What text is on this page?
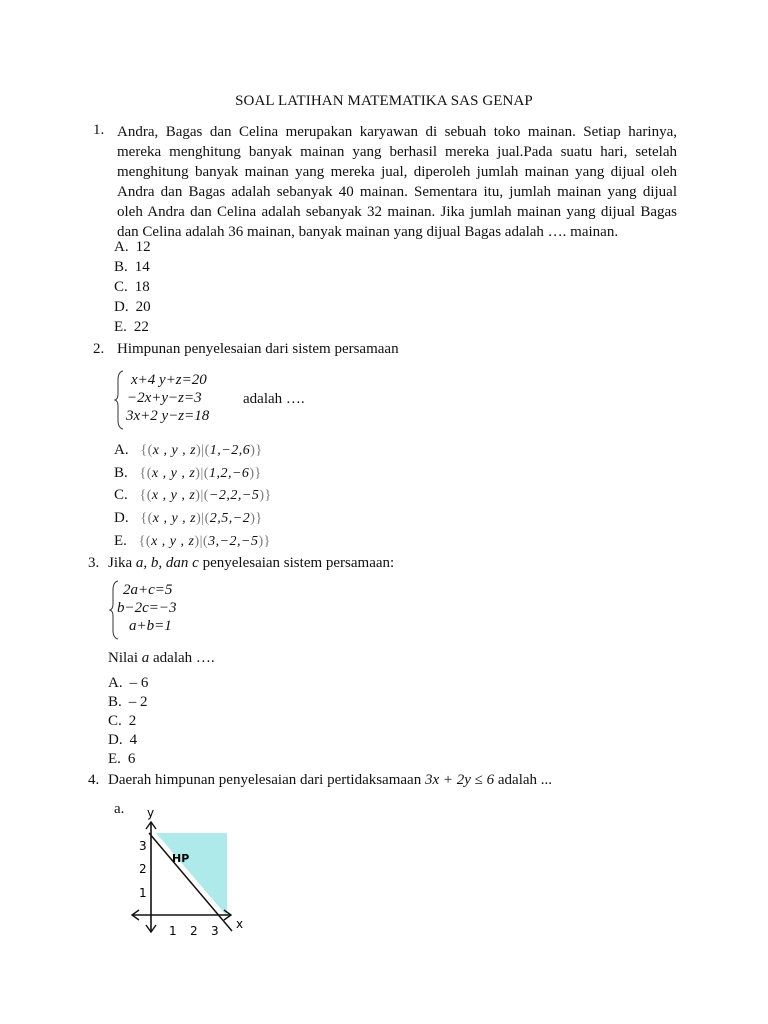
SOAL LATIHAN MATEMATIKA SAS GENAP
1. Andra, Bagas dan Celina merupakan karyawan di sebuah toko mainan. Setiap harinya, mereka menghitung banyak mainan yang berhasil mereka jual.Pada suatu hari, setelah menghitung banyak mainan yang mereka jual, diperoleh jumlah mainan yang dijual oleh Andra dan Bagas adalah sebanyak 40 mainan. Sementara itu, jumlah mainan yang dijual oleh Andra dan Celina adalah sebanyak 32 mainan. Jika jumlah mainan yang dijual Bagas dan Celina adalah 36 mainan, banyak mainan yang dijual Bagas adalah …. mainan.
A. 12
B. 14
C. 18
D. 20
E. 22
2. Himpunan penyelesaian dari sistem persamaan
x+4 y+z=20
−2x+y−z=3
3x+2 y−z=18
adalah ….
A. {(x , y , z)|(1,−2,6)}
B. {(x , y , z)|(1,2,−6)}
C. {(x , y , z)|(−2,2,−5)}
D. {(x , y , z)|(2,5,−2)}
E. {(x , y , z)|(3,−2,−5)}
3. Jika a, b, dan c penyelesaian sistem persamaan:
2a+c=5
b−2c=−3
a+b=1
Nilai a adalah ….
A. – 6
B. – 2
C. 2
D. 4
E. 6
4. Daerah himpunan penyelesaian dari pertidaksamaan 3x + 2y ≤ 6 adalah ...
a. y
x
HP
3
2
1
1 2 3
